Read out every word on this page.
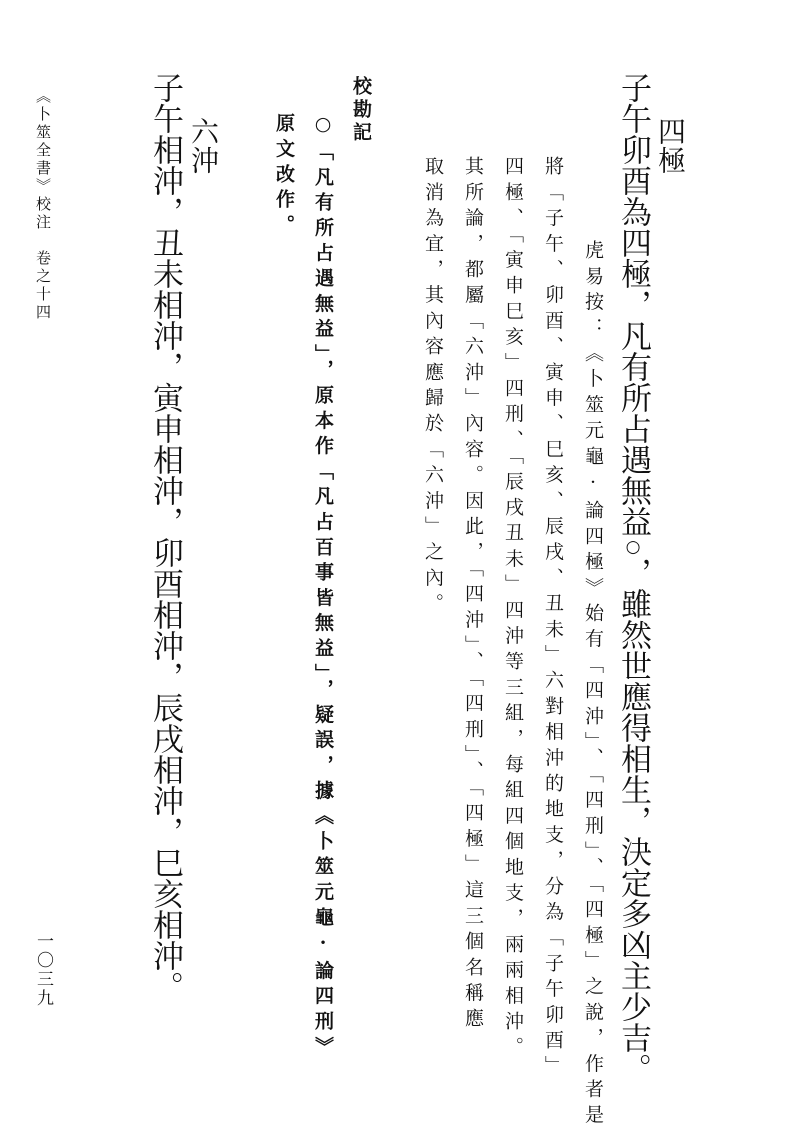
四極
子午卯酉為四極，凡有所占遇無益○，雖然世應得相生，決定多凶主少吉。
虎易按：《卜筮元龜·論四極》始有「四沖」、「四刑」、「四極」之說，作者是
將「子午、卯酉、寅申、巳亥、辰戌、丑未」六對相沖的地支，分為「子午卯酉」
四極、「寅申巳亥」四刑、「辰戌丑未」四沖等三組，每組四個地支，兩兩相沖。
其所論，都屬「六沖」內容。因此，「四沖」、「四刑」、「四極」這三個名稱應
取消為宜，其內容應歸於「六沖」之內。
校勘記
○「凡有所占遇無益」，原本作「凡占百事皆無益」，疑誤，據《卜筮元龜·論四刑》
原文改作。
六沖
子午相沖，丑未相沖，寅申相沖，卯酉相沖，辰戌相沖，巳亥相沖。
《卜筮全書》校注　卷之十四
一〇三九
